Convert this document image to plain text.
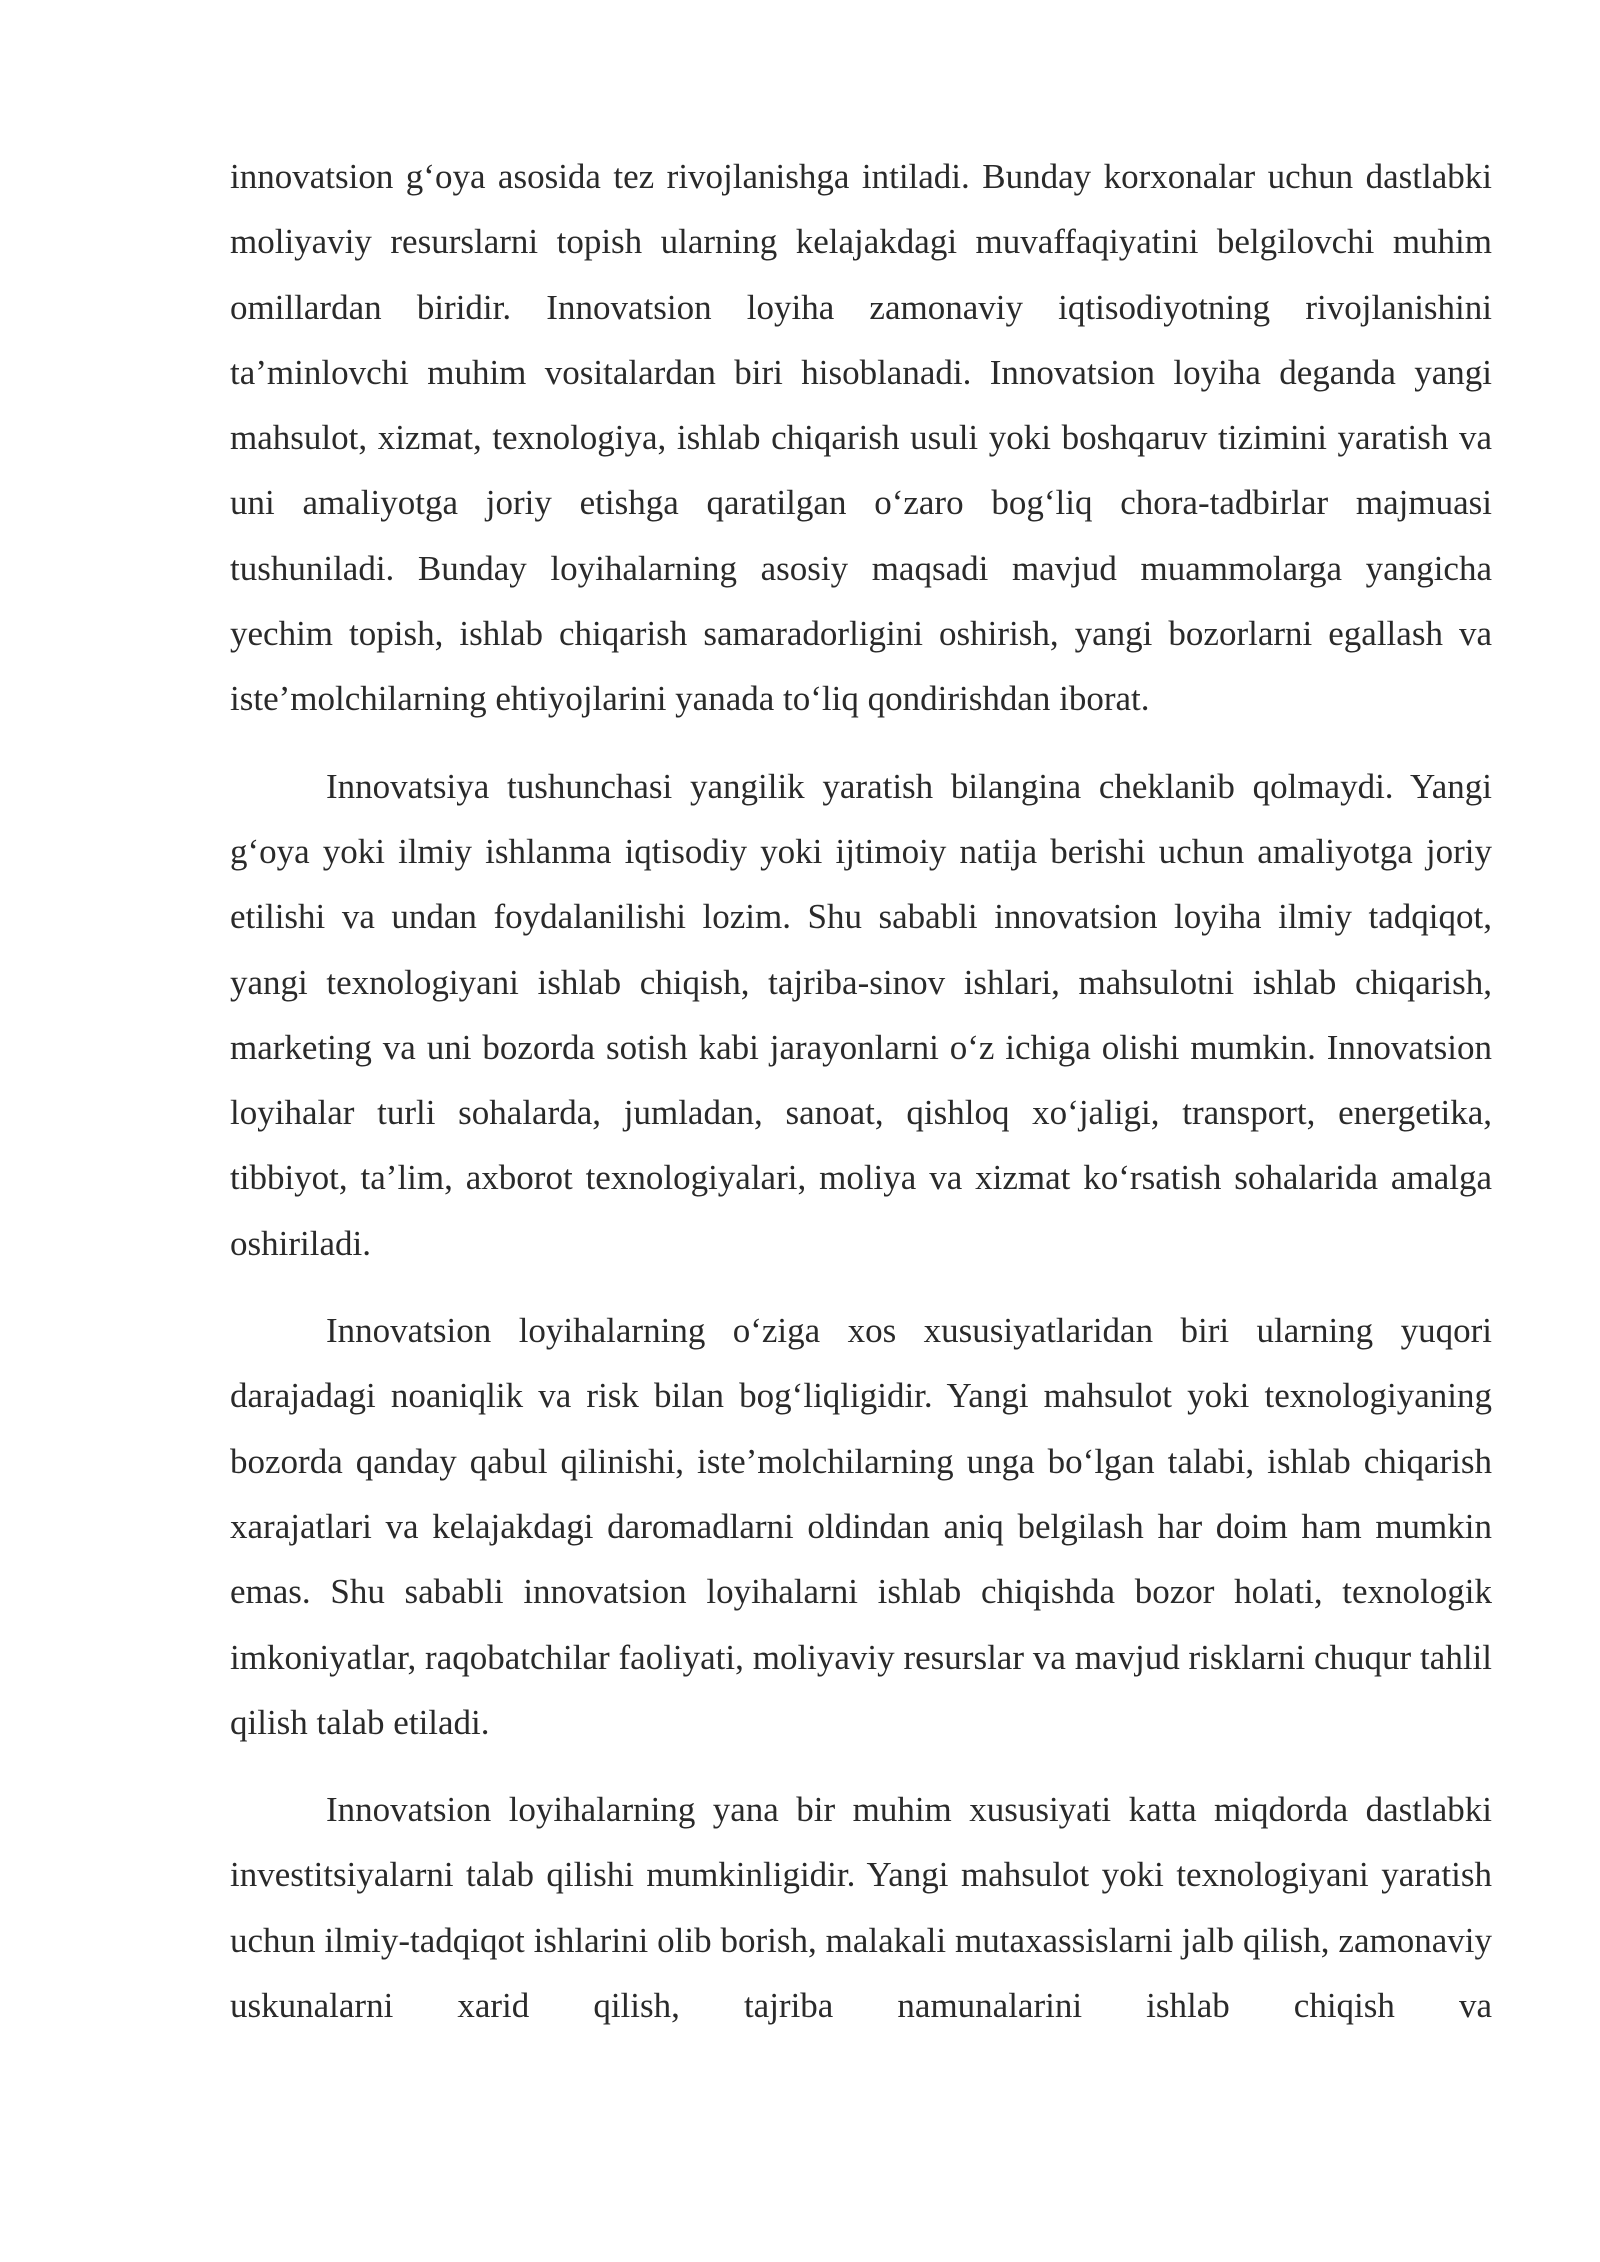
innovatsion g‘oya asosida tez rivojlanishga intiladi. Bunday korxonalar uchun dastlabki moliyaviy resurslarni topish ularning kelajakdagi muvaffaqiyatini belgilovchi muhim omillardan biridir. Innovatsion loyiha zamonaviy iqtisodiyotning rivojlanishini ta’minlovchi muhim vositalardan biri hisoblanadi. Innovatsion loyiha deganda yangi mahsulot, xizmat, texnologiya, ishlab chiqarish usuli yoki boshqaruv tizimini yaratish va uni amaliyotga joriy etishga qaratilgan o‘zaro bog‘liq chora-tadbirlar majmuasi tushuniladi. Bunday loyihalarning asosiy maqsadi mavjud muammolarga yangicha yechim topish, ishlab chiqarish samaradorligini oshirish, yangi bozorlarni egallash va iste’molchilarning ehtiyojlarini yanada to‘liq qondirishdan iborat.

Innovatsiya tushunchasi yangilik yaratish bilangina cheklanib qolmaydi. Yangi g‘oya yoki ilmiy ishlanma iqtisodiy yoki ijtimoiy natija berishi uchun amaliyotga joriy etilishi va undan foydalanilishi lozim. Shu sababli innovatsion loyiha ilmiy tadqiqot, yangi texnologiyani ishlab chiqish, tajriba-sinov ishlari, mahsulotni ishlab chiqarish, marketing va uni bozorda sotish kabi jarayonlarni o‘z ichiga olishi mumkin. Innovatsion loyihalar turli sohalarda, jumladan, sanoat, qishloq xo‘jaligi, transport, energetika, tibbiyot, ta’lim, axborot texnologiyalari, moliya va xizmat ko‘rsatish sohalarida amalga oshiriladi.

Innovatsion loyihalarning o‘ziga xos xususiyatlaridan biri ularning yuqori darajadagi noaniqlik va risk bilan bog‘liqligidir. Yangi mahsulot yoki texnologiyaning bozorda qanday qabul qilinishi, iste’molchilarning unga bo‘lgan talabi, ishlab chiqarish xarajatlari va kelajakdagi daromadlarni oldindan aniq belgilash har doim ham mumkin emas. Shu sababli innovatsion loyihalarni ishlab chiqishda bozor holati, texnologik imkoniyatlar, raqobatchilar faoliyati, moliyaviy resurslar va mavjud risklarni chuqur tahlil qilish talab etiladi.

Innovatsion loyihalarning yana bir muhim xususiyati katta miqdorda dastlabki investitsiyalarni talab qilishi mumkinligidir. Yangi mahsulot yoki texnologiyani yaratish uchun ilmiy-tadqiqot ishlarini olib borish, malakali mutaxassislarni jalb qilish, zamonaviy uskunalarni xarid qilish, tajriba namunalarini ishlab chiqish va
